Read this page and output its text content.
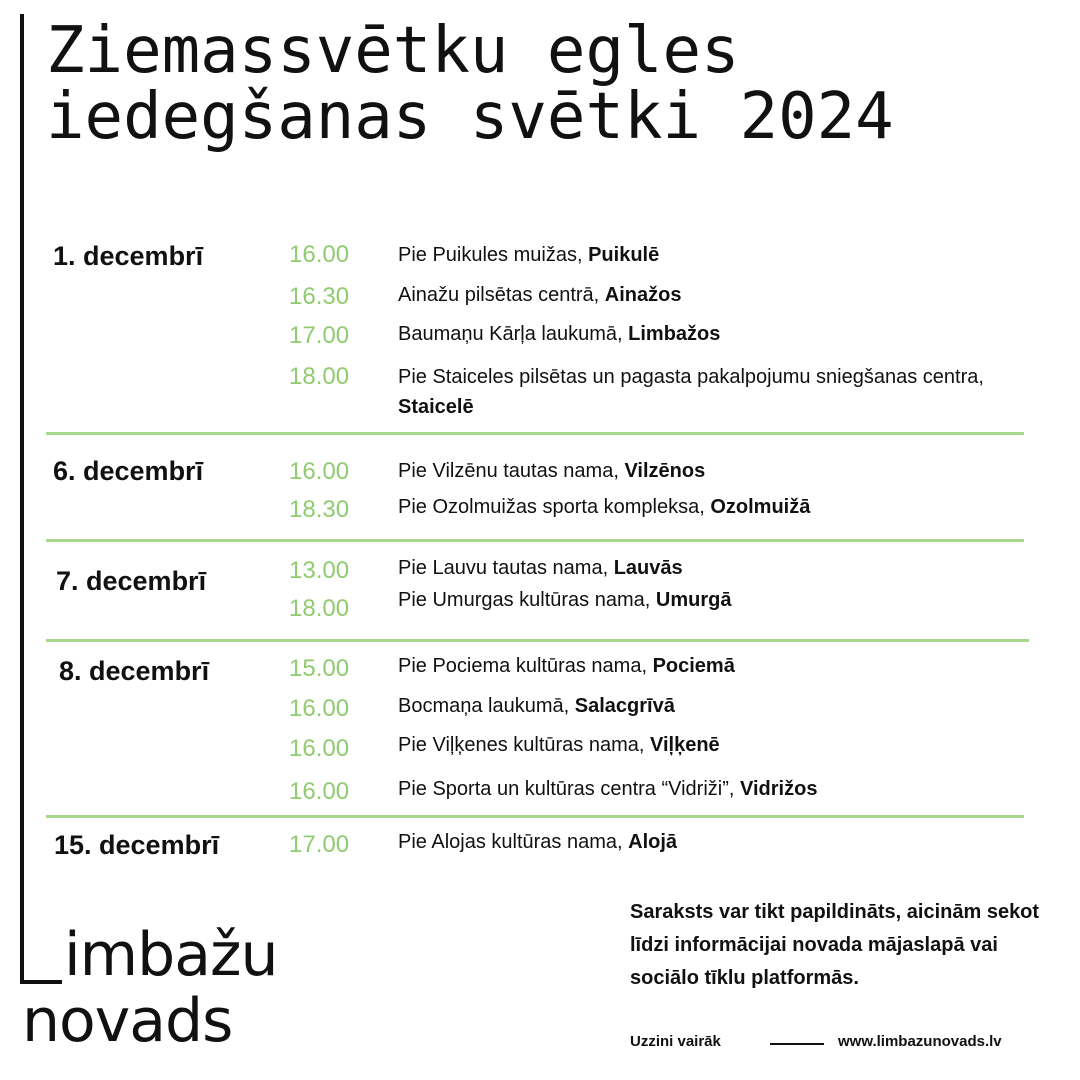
Ziemassvētku egles
iedegšanas svētki 2024
1. decembrī	16.00 Pie Puikules muižas, Puikulē
16.30 Ainažu pilsētas centrā, Ainažos
17.00 Baumaņu Kārļa laukumā, Limbažos
18.00 Pie Staiceles pilsētas un pagasta pakalpojumu sniegšanas centra, Staicelē
6. decembrī	16.00 Pie Vilzēnu tautas nama, Vilzēnos
18.30 Pie Ozolmuižas sporta kompleksa, Ozolmuižā
7. decembrī	13.00 Pie Lauvu tautas nama, Lauvās
18.00 Pie Umurgas kultūras nama, Umurgā
8. decembrī	15.00 Pie Pociema kultūras nama, Pociemā
16.00 Bocmaņa laukumā, Salacgrīvā
16.00 Pie Viļķenes kultūras nama, Viļķenē
16.00 Pie Sporta un kultūras centra “Vidriži”, Vidrižos
15. decembrī	17.00 Pie Alojas kultūras nama, Alojā
imbažu
novads
Saraksts var tikt papildināts, aicinām sekot līdzi informācijai novada mājaslapā vai sociālo tīklu platformās.
Uzzini vairāk	www.limbazunovads.lv
